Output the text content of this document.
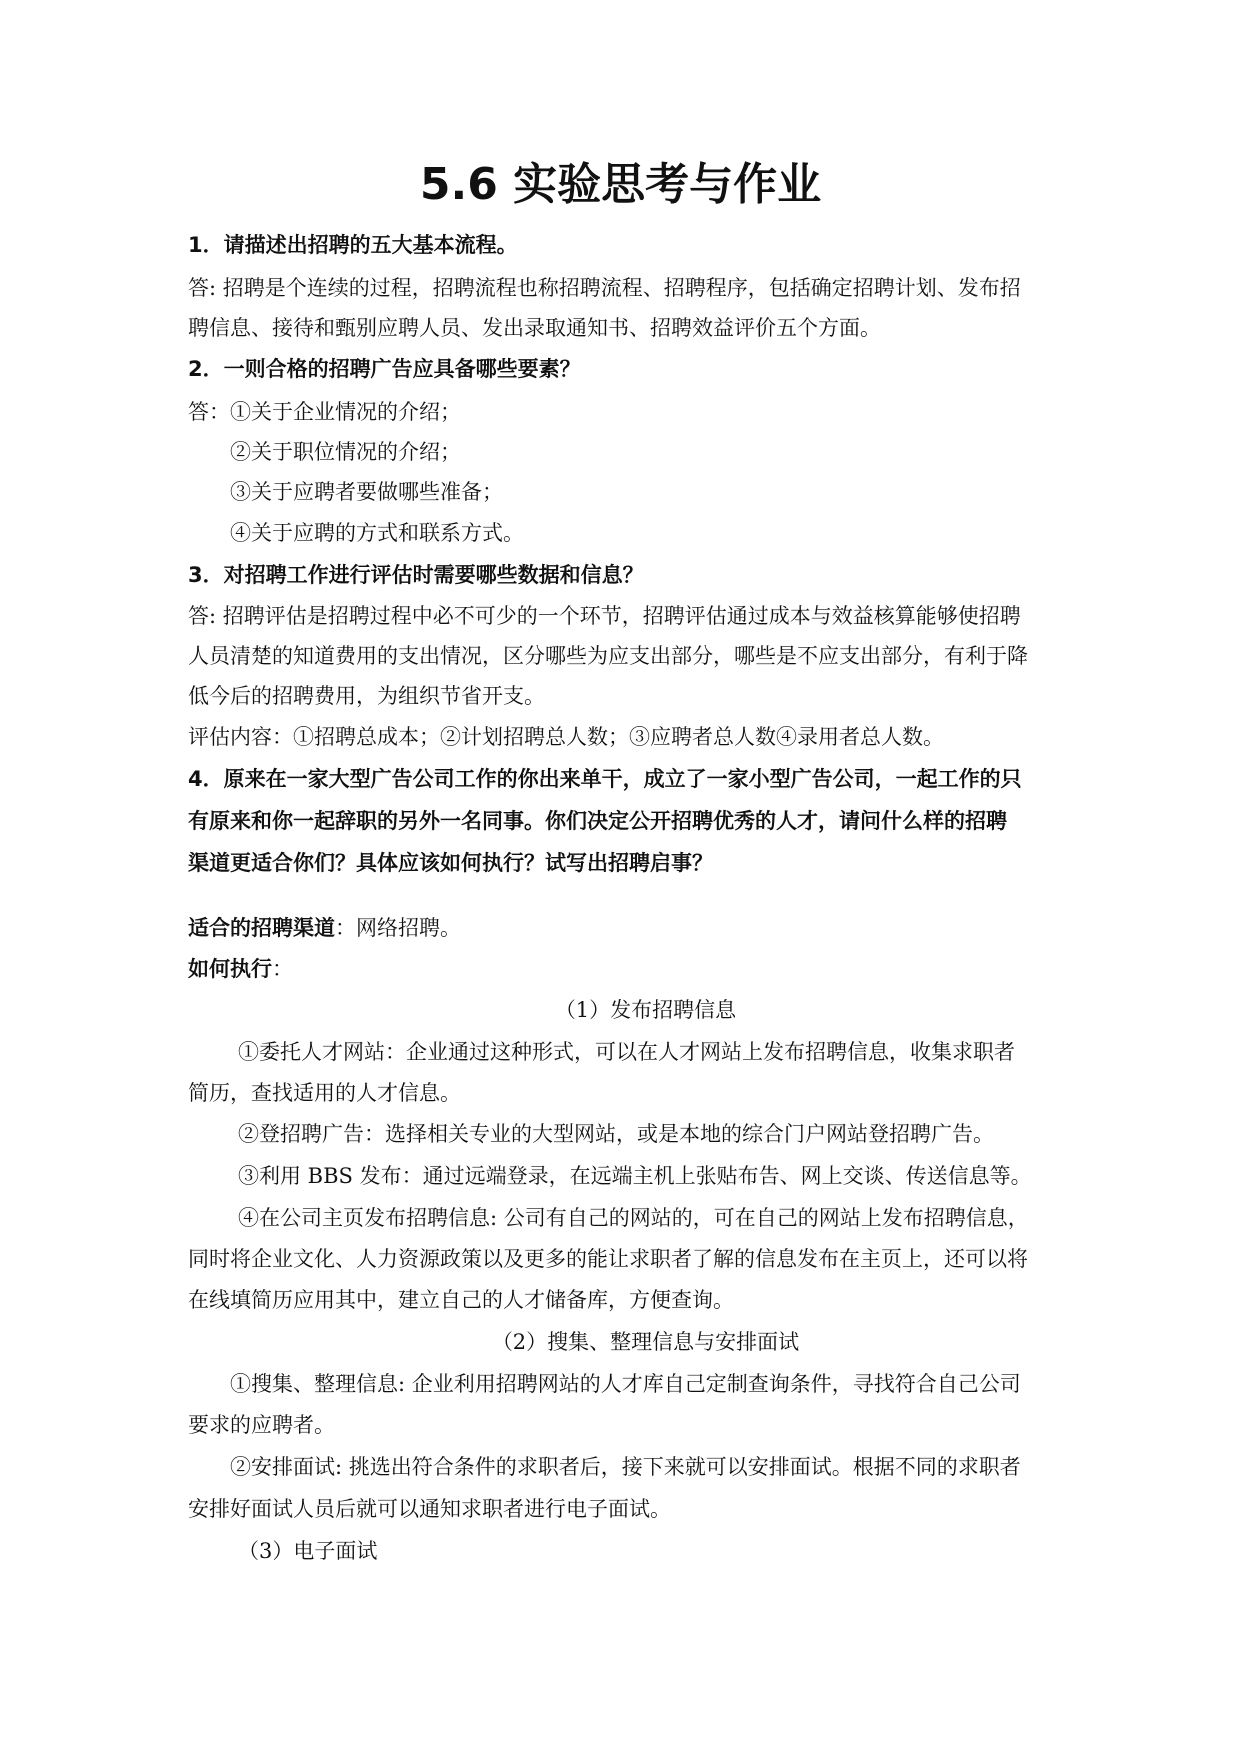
5.6 实验思考与作业
1．请描述出招聘的五大基本流程。
答: 招聘是个连续的过程，招聘流程也称招聘流程、招聘程序，包括确定招聘计划、发布招
聘信息、接待和甄别应聘人员、发出录取通知书、招聘效益评价五个方面。
2．一则合格的招聘广告应具备哪些要素？
答：①关于企业情况的介绍；
②关于职位情况的介绍；
③关于应聘者要做哪些准备；
④关于应聘的方式和联系方式。
3．对招聘工作进行评估时需要哪些数据和信息？
答: 招聘评估是招聘过程中必不可少的一个环节，招聘评估通过成本与效益核算能够使招聘
人员清楚的知道费用的支出情况，区分哪些为应支出部分，哪些是不应支出部分，有利于降
低今后的招聘费用，为组织节省开支。
评估内容：①招聘总成本；②计划招聘总人数；③应聘者总人数④录用者总人数。
4．原来在一家大型广告公司工作的你出来单干，成立了一家小型广告公司，一起工作的只
有原来和你一起辞职的另外一名同事。你们决定公开招聘优秀的人才，请问什么样的招聘
渠道更适合你们？具体应该如何执行？试写出招聘启事？
适合的招聘渠道：网络招聘。
如何执行：
（1）发布招聘信息
①委托人才网站：企业通过这种形式，可以在人才网站上发布招聘信息，收集求职者
简历，查找适用的人才信息。
②登招聘广告：选择相关专业的大型网站，或是本地的综合门户网站登招聘广告。
③利用 BBS 发布：通过远端登录，在远端主机上张贴布告、网上交谈、传送信息等。
④在公司主页发布招聘信息: 公司有自己的网站的，可在自己的网站上发布招聘信息，
同时将企业文化、人力资源政策以及更多的能让求职者了解的信息发布在主页上，还可以将
在线填简历应用其中，建立自己的人才储备库，方便查询。
（2）搜集、整理信息与安排面试
①搜集、整理信息: 企业利用招聘网站的人才库自己定制查询条件，寻找符合自己公司
要求的应聘者。
②安排面试: 挑选出符合条件的求职者后，接下来就可以安排面试。根据不同的求职者
安排好面试人员后就可以通知求职者进行电子面试。
（3）电子面试
